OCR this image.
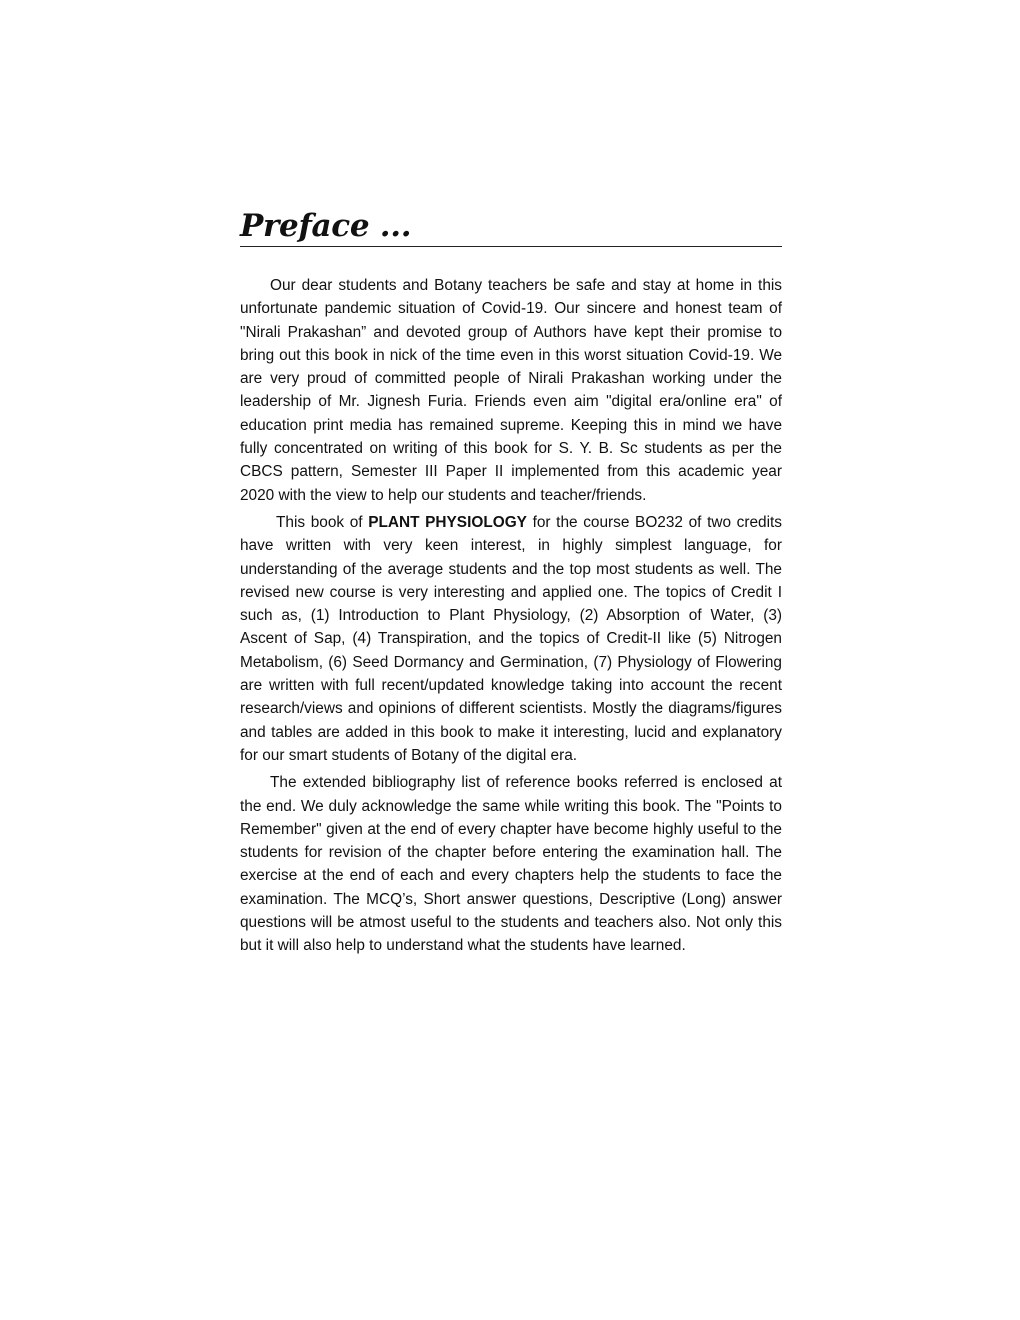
Preface ...

Our dear students and Botany teachers be safe and stay at home in this unfortunate pandemic situation of Covid-19. Our sincere and honest team of "Nirali Prakashan” and devoted group of Authors have kept their promise to bring out this book in nick of the time even in this worst situation Covid-19. We are very proud of committed people of Nirali Prakashan working under the leadership of Mr. Jignesh Furia. Friends even aim "digital era/online era" of education print media has remained supreme. Keeping this in mind we have fully concentrated on writing of this book for S. Y. B. Sc students as per the CBCS pattern, Semester III Paper II implemented from this academic year 2020 with the view to help our students and teacher/friends.

This book of PLANT PHYSIOLOGY for the course BO232 of two credits have written with very keen interest, in highly simplest language, for understanding of the average students and the top most students as well. The revised new course is very interesting and applied one. The topics of Credit I such as, (1) Introduction to Plant Physiology, (2) Absorption of Water, (3) Ascent of Sap, (4) Transpiration, and the topics of Credit-II like (5) Nitrogen Metabolism, (6) Seed Dormancy and Germination, (7) Physiology of Flowering are written with full recent/updated knowledge taking into account the recent research/views and opinions of different scientists. Mostly the diagrams/figures and tables are added in this book to make it interesting, lucid and explanatory for our smart students of Botany of the digital era.

The extended bibliography list of reference books referred is enclosed at the end. We duly acknowledge the same while writing this book. The "Points to Remember" given at the end of every chapter have become highly useful to the students for revision of the chapter before entering the examination hall. The exercise at the end of each and every chapters help the students to face the examination. The MCQ’s, Short answer questions, Descriptive (Long) answer questions will be atmost useful to the students and teachers also. Not only this but it will also help to understand what the students have learned.
